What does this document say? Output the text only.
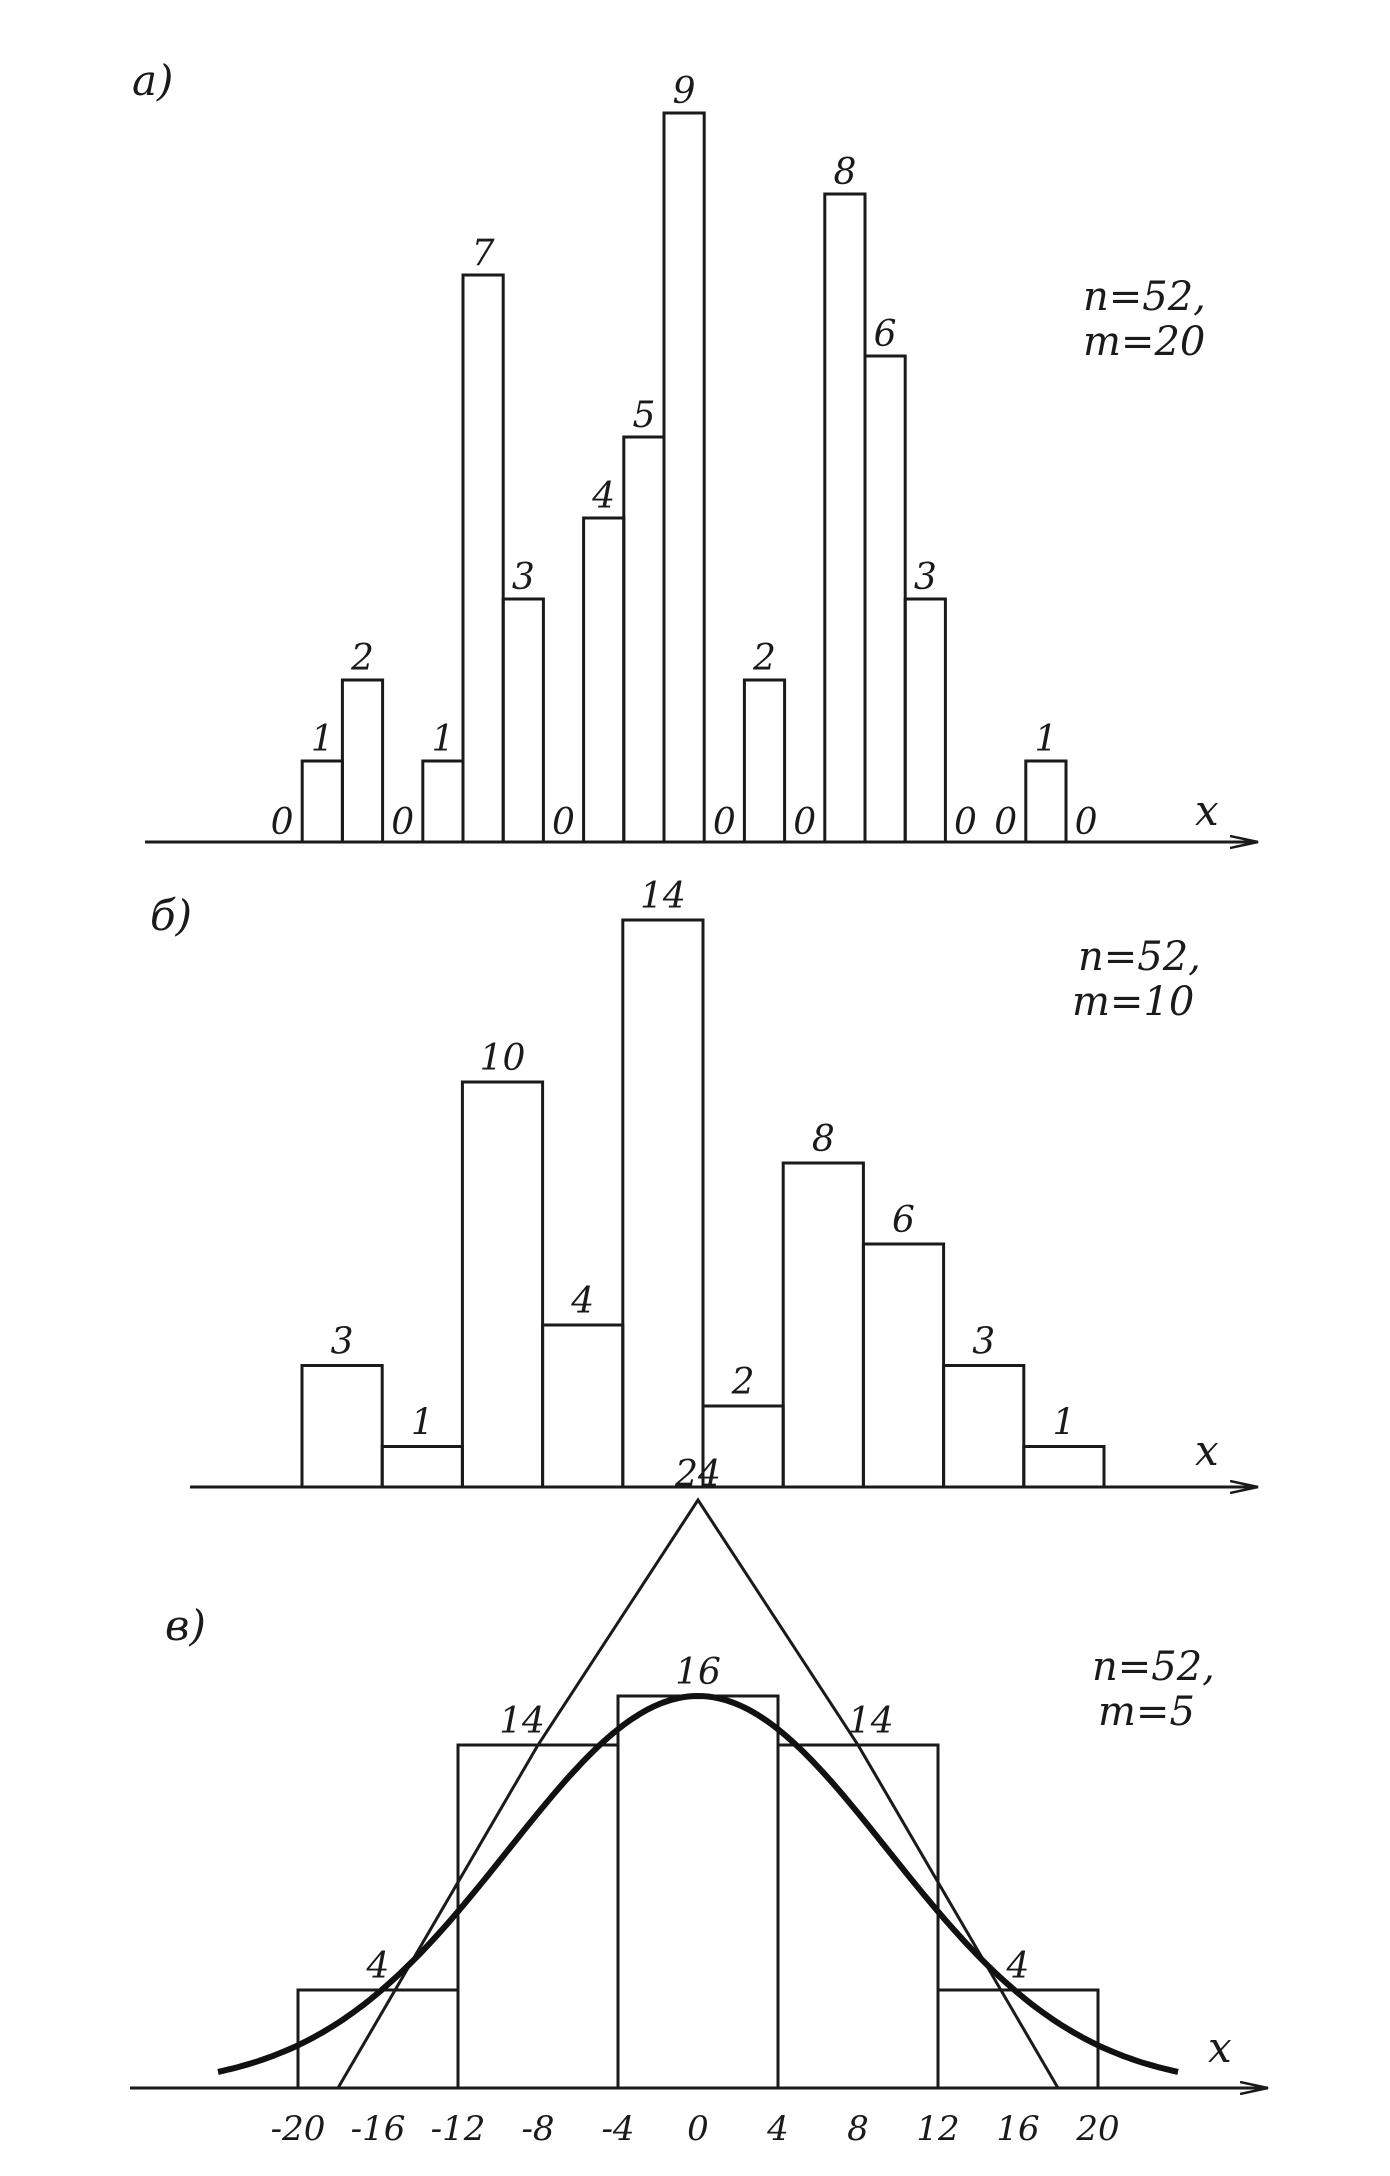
а)
n=52,
m=20
x
0
1
2
0
1
7
3
0
4
5
9
0
2
0
8
6
3
0 0
1
0
б)
n=52,
m=10
x
3
1
10
4
14
2
8
6
3
1
в)
n=52,
m=5
x
4
14
16
14
4
24
-20 -16 -12 -8 -4 0 4 8 12 16 20
